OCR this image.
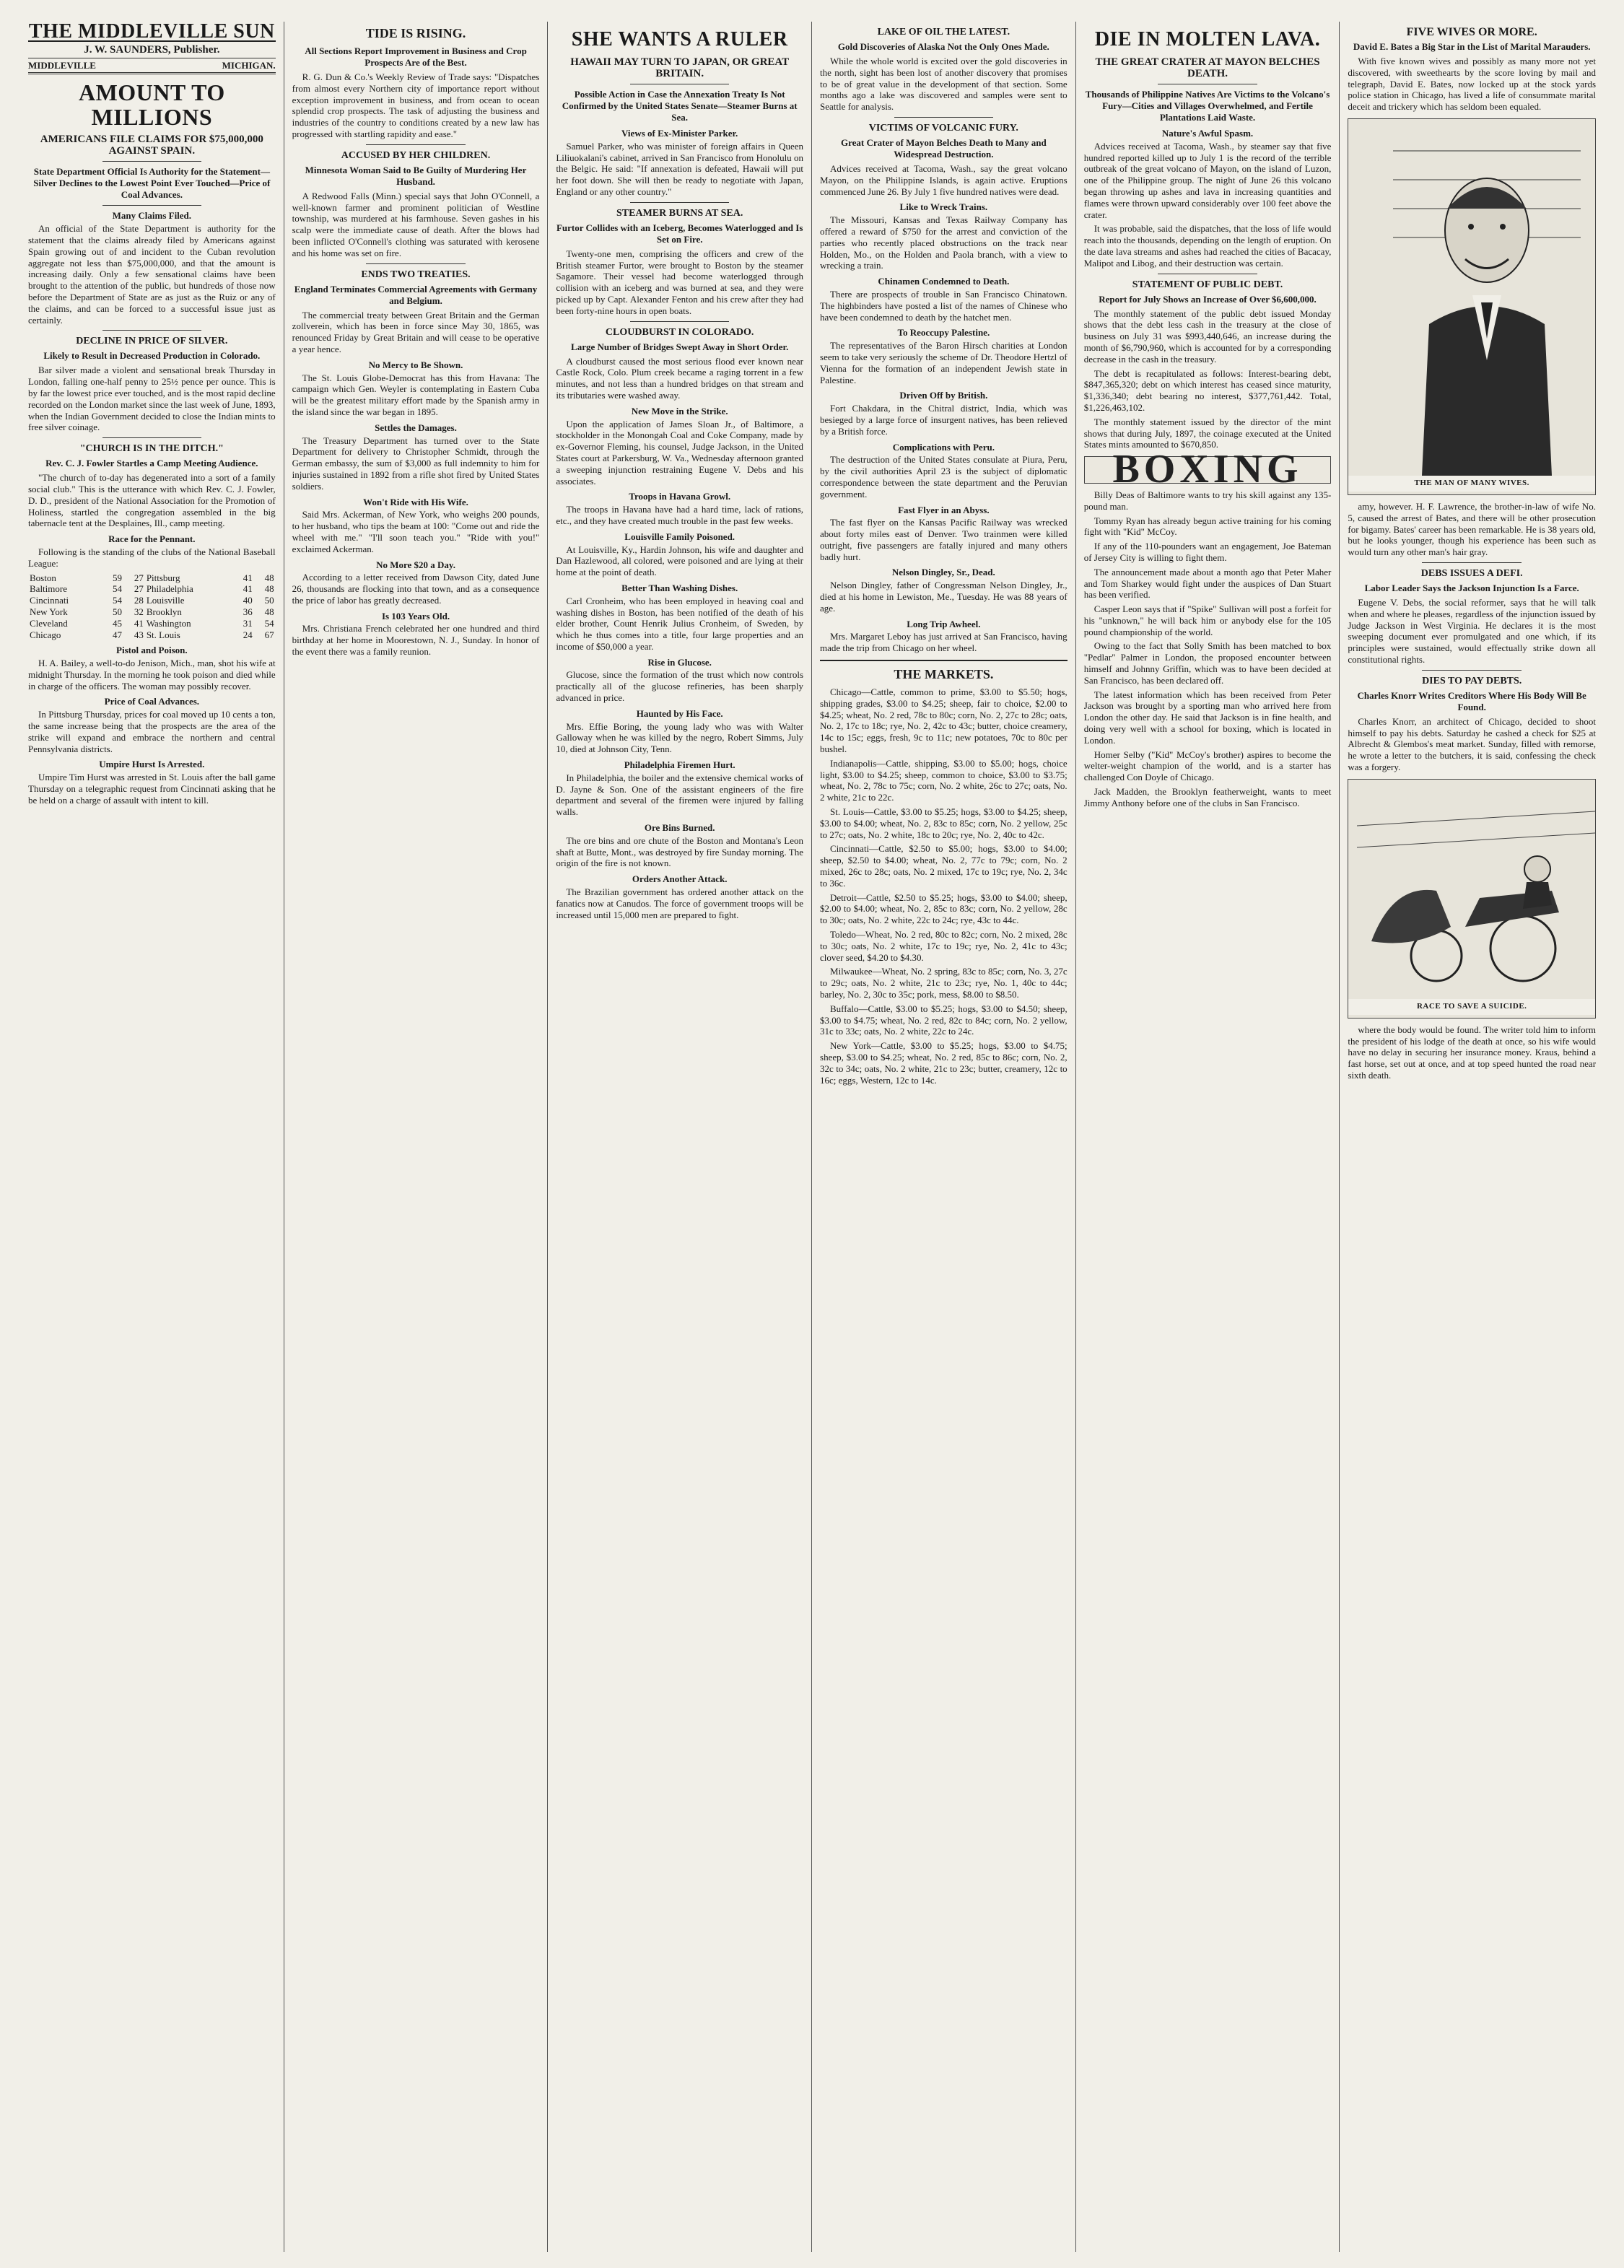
THE MIDDLEVILLE SUN
J. W. SAUNDERS, Publisher.
MIDDLEVILLE	MICHIGAN.
AMOUNT TO MILLIONS
AMERICANS FILE CLAIMS FOR $75,000,000 AGAINST SPAIN.
State Department Official Is Authority for the Statement—Silver Declines to the Lowest Point Ever Touched—Price of Coal Advances.
Many Claims Filed.

An official of the State Department is authority for the statement that the claims already filed by Americans against Spain growing out of and incident to the Cuban revolution aggregate not less than $75,000,000, and that the amount is increasing daily. Only a few sensational claims have been brought to the attention of the public, but hundreds of those now before the Department of State are as just as the Ruiz or any of the claims, and can be forced to a successful issue just as certainly.

DECLINE IN PRICE OF SILVER.
Likely to Result in Decreased Production in Colorado.

Bar silver made a violent and sensational break Thursday in London, falling one-half penny to 25½ pence per ounce. This is by far the lowest price ever touched, and is the most rapid decline recorded on the London market since the last week of June, 1893, when the Indian Government decided to close the Indian mints to free silver coinage.

"CHURCH IS IN THE DITCH."
Rev. C. J. Fowler Startles a Camp Meeting Audience.

"The church of to-day has degenerated into a sort of a family social club." This is the utterance with which Rev. C. J. Fowler, D. D., president of the National Association for the Promotion of Holiness, startled the congregation assembled in the big tabernacle tent at the Desplaines, Ill., camp meeting.

Race for the Pennant.

Following is the standing of the clubs of the National Baseball League:

Boston	59	27	Pittsburg	41	48
Baltimore	54	27	Philadelphia	41	48
Cincinnati	54	28	Louisville	40	50
New York	50	32	Brooklyn	36	48
Cleveland	45	41	Washington	31	54
Chicago	47	43	St. Louis	24	67
Pistol and Poison.

H. A. Bailey, a well-to-do Jenison, Mich., man, shot his wife at midnight Thursday. In the morning he took poison and died while in charge of the officers. The woman may possibly recover.

Price of Coal Advances.

In Pittsburg Thursday, prices for coal moved up 10 cents a ton, the same increase being that the prospects are the area of the strike will expand and embrace the northern and central Pennsylvania districts.

Umpire Hurst Is Arrested.

Umpire Tim Hurst was arrested in St. Louis after the ball game Thursday on a telegraphic request from Cincinnati asking that he be held on a charge of assault with intent to kill.

TIDE IS RISING.
All Sections Report Improvement in Business and Crop Prospects Are of the Best.

R. G. Dun & Co.'s Weekly Review of Trade says: "Dispatches from almost every Northern city of importance report without exception improvement in business, and from ocean to ocean splendid crop prospects. The task of adjusting the business and industries of the country to conditions created by a new law has progressed with startling rapidity and ease."

ACCUSED BY HER CHILDREN.
Minnesota Woman Said to Be Guilty of Murdering Her Husband.

A Redwood Falls (Minn.) special says that John O'Connell, a well-known farmer and prominent politician of Westline township, was murdered at his farmhouse. Seven gashes in his scalp were the immediate cause of death. After the blows had been inflicted O'Connell's clothing was saturated with kerosene and his home was set on fire.

ENDS TWO TREATIES.
England Terminates Commercial Agreements with Germany and Belgium.

The commercial treaty between Great Britain and the German zollverein, which has been in force since May 30, 1865, was renounced Friday by Great Britain and will cease to be operative a year hence.

No Mercy to Be Shown.

The St. Louis Globe-Democrat has this from Havana: The campaign which Gen. Weyler is contemplating in Eastern Cuba will be the greatest military effort made by the Spanish army in the island since the war began in 1895.

Settles the Damages.

The Treasury Department has turned over to the State Department for delivery to Christopher Schmidt, through the German embassy, the sum of $3,000 as full indemnity to him for injuries sustained in 1892 from a rifle shot fired by United States soldiers.

Won't Ride with His Wife.

Said Mrs. Ackerman, of New York, who weighs 200 pounds, to her husband, who tips the beam at 100: "Come out and ride the wheel with me." "I'll soon teach you." "Ride with you!" exclaimed Ackerman.

No More $20 a Day.

According to a letter received from Dawson City, dated June 26, thousands are flocking into that town, and as a consequence the price of labor has greatly decreased.

Is 103 Years Old.

Mrs. Christiana French celebrated her one hundred and third birthday at her home in Moorestown, N. J., Sunday. In honor of the event there was a family reunion.

SHE WANTS A RULER
HAWAII MAY TURN TO JAPAN, OR GREAT BRITAIN.
Possible Action in Case the Annexation Treaty Is Not Confirmed by the United States Senate—Steamer Burns at Sea.
Views of Ex-Minister Parker.

Samuel Parker, who was minister of foreign affairs in Queen Liliuokalani's cabinet, arrived in San Francisco from Honolulu on the Belgic. He said: "If annexation is defeated, Hawaii will put her foot down. She will then be ready to negotiate with Japan, England or any other country."

STEAMER BURNS AT SEA.
Furtor Collides with an Iceberg, Becomes Waterlogged and Is Set on Fire.

Twenty-one men, comprising the officers and crew of the British steamer Furtor, were brought to Boston by the steamer Sagamore. Their vessel had become waterlogged through collision with an iceberg and was burned at sea, and they were picked up by Capt. Alexander Fenton and his crew after they had been forty-nine hours in open boats.

CLOUDBURST IN COLORADO.
Large Number of Bridges Swept Away in Short Order.

A cloudburst caused the most serious flood ever known near Castle Rock, Colo. Plum creek became a raging torrent in a few minutes, and not less than a hundred bridges on that stream and its tributaries were washed away.

New Move in the Strike.

Upon the application of James Sloan Jr., of Baltimore, a stockholder in the Monongah Coal and Coke Company, made by ex-Governor Fleming, his counsel, Judge Jackson, in the United States court at Parkersburg, W. Va., Wednesday afternoon granted a sweeping injunction restraining Eugene V. Debs and his associates.

Troops in Havana Growl.

The troops in Havana have had a hard time, lack of rations, etc., and they have created much trouble in the past few weeks.

Louisville Family Poisoned.

At Louisville, Ky., Hardin Johnson, his wife and daughter and Dan Hazlewood, all colored, were poisoned and are lying at their home at the point of death.

Better Than Washing Dishes.

Carl Cronheim, who has been employed in heaving coal and washing dishes in Boston, has been notified of the death of his elder brother, Count Henrik Julius Cronheim, of Sweden, by which he thus comes into a title, four large properties and an income of $50,000 a year.

Rise in Glucose.

Glucose, since the formation of the trust which now controls practically all of the glucose refineries, has been sharply advanced in price.

Haunted by His Face.

Mrs. Effie Boring, the young lady who was with Walter Galloway when he was killed by the negro, Robert Simms, July 10, died at Johnson City, Tenn.

Philadelphia Firemen Hurt.

In Philadelphia, the boiler and the extensive chemical works of D. Jayne & Son. One of the assistant engineers of the fire department and several of the firemen were injured by falling walls.

Ore Bins Burned.

The ore bins and ore chute of the Boston and Montana's Leon shaft at Butte, Mont., was destroyed by fire Sunday morning. The origin of the fire is not known.

Orders Another Attack.

The Brazilian government has ordered another attack on the fanatics now at Canudos. The force of government troops will be increased until 15,000 men are prepared to fight.

LAKE OF OIL THE LATEST.
Gold Discoveries of Alaska Not the Only Ones Made.

While the whole world is excited over the gold discoveries in the north, sight has been lost of another discovery that promises to be of great value in the development of that section. Some months ago a lake was discovered and samples were sent to Seattle for analysis.

VICTIMS OF VOLCANIC FURY.
Great Crater of Mayon Belches Death to Many and Widespread Destruction.

Advices received at Tacoma, Wash., say the great volcano Mayon, on the Philippine Islands, is again active. Eruptions commenced June 26. By July 1 five hundred natives were dead.

Like to Wreck Trains.

The Missouri, Kansas and Texas Railway Company has offered a reward of $750 for the arrest and conviction of the parties who recently placed obstructions on the track near Holden, Mo., on the Holden and Paola branch, with a view to wrecking a train.

Chinamen Condemned to Death.

There are prospects of trouble in San Francisco Chinatown. The highbinders have posted a list of the names of Chinese who have been condemned to death by the hatchet men.

To Reoccupy Palestine.

The representatives of the Baron Hirsch charities at London seem to take very seriously the scheme of Dr. Theodore Hertzl of Vienna for the formation of an independent Jewish state in Palestine.

Driven Off by British.

Fort Chakdara, in the Chitral district, India, which was besieged by a large force of insurgent natives, has been relieved by a British force.

Complications with Peru.

The destruction of the United States consulate at Piura, Peru, by the civil authorities April 23 is the subject of diplomatic correspondence between the state department and the Peruvian government.

Fast Flyer in an Abyss.

The fast flyer on the Kansas Pacific Railway was wrecked about forty miles east of Denver. Two trainmen were killed outright, five passengers are fatally injured and many others badly hurt.

Nelson Dingley, Sr., Dead.

Nelson Dingley, father of Congressman Nelson Dingley, Jr., died at his home in Lewiston, Me., Tuesday. He was 88 years of age.

Long Trip Awheel.

Mrs. Margaret Leboy has just arrived at San Francisco, having made the trip from Chicago on her wheel.

THE MARKETS.

Chicago—Cattle, common to prime, $3.00 to $5.50; hogs, shipping grades, $3.00 to $4.25; sheep, fair to choice, $2.00 to $4.25; wheat, No. 2 red, 78c to 80c; corn, No. 2, 27c to 28c; oats, No. 2, 17c to 18c; rye, No. 2, 42c to 43c; butter, choice creamery, 14c to 15c; eggs, fresh, 9c to 11c; new potatoes, 70c to 80c per bushel.

Indianapolis—Cattle, shipping, $3.00 to $5.00; hogs, choice light, $3.00 to $4.25; sheep, common to choice, $3.00 to $3.75; wheat, No. 2, 78c to 75c; corn, No. 2 white, 26c to 27c; oats, No. 2 white, 21c to 22c.

St. Louis—Cattle, $3.00 to $5.25; hogs, $3.00 to $4.25; sheep, $3.00 to $4.00; wheat, No. 2, 83c to 85c; corn, No. 2 yellow, 25c to 27c; oats, No. 2 white, 18c to 20c; rye, No. 2, 40c to 42c.

Cincinnati—Cattle, $2.50 to $5.00; hogs, $3.00 to $4.00; sheep, $2.50 to $4.00; wheat, No. 2, 77c to 79c; corn, No. 2 mixed, 26c to 28c; oats, No. 2 mixed, 17c to 19c; rye, No. 2, 34c to 36c.

Detroit—Cattle, $2.50 to $5.25; hogs, $3.00 to $4.00; sheep, $2.00 to $4.00; wheat, No. 2, 85c to 83c; corn, No. 2 yellow, 28c to 30c; oats, No. 2 white, 22c to 24c; rye, 43c to 44c.

Toledo—Wheat, No. 2 red, 80c to 82c; corn, No. 2 mixed, 28c to 30c; oats, No. 2 white, 17c to 19c; rye, No. 2, 41c to 43c; clover seed, $4.20 to $4.30.

Milwaukee—Wheat, No. 2 spring, 83c to 85c; corn, No. 3, 27c to 29c; oats, No. 2 white, 21c to 23c; rye, No. 1, 40c to 44c; barley, No. 2, 30c to 35c; pork, mess, $8.00 to $8.50.

Buffalo—Cattle, $3.00 to $5.25; hogs, $3.00 to $4.50; sheep, $3.00 to $4.75; wheat, No. 2 red, 82c to 84c; corn, No. 2 yellow, 31c to 33c; oats, No. 2 white, 22c to 24c.

New York—Cattle, $3.00 to $5.25; hogs, $3.00 to $4.75; sheep, $3.00 to $4.25; wheat, No. 2 red, 85c to 86c; corn, No. 2, 32c to 34c; oats, No. 2 white, 21c to 23c; butter, creamery, 12c to 16c; eggs, Western, 12c to 14c.

DIE IN MOLTEN LAVA.
THE GREAT CRATER AT MAYON BELCHES DEATH.
Thousands of Philippine Natives Are Victims to the Volcano's Fury—Cities and Villages Overwhelmed, and Fertile Plantations Laid Waste.
Nature's Awful Spasm.

Advices received at Tacoma, Wash., by steamer say that five hundred reported killed up to July 1 is the record of the terrible outbreak of the great volcano of Mayon, on the island of Luzon, one of the Philippine group. The night of June 26 this volcano began throwing up ashes and lava in increasing quantities and flames were thrown upward considerably over 100 feet above the crater.

It was probable, said the dispatches, that the loss of life would reach into the thousands, depending on the length of eruption. On the date lava streams and ashes had reached the cities of Bacacay, Malipot and Libog, and their destruction was certain.

STATEMENT OF PUBLIC DEBT.
Report for July Shows an Increase of Over $6,600,000.

The monthly statement of the public debt issued Monday shows that the debt less cash in the treasury at the close of business on July 31 was $993,440,646, an increase during the month of $6,790,960, which is accounted for by a corresponding decrease in the cash in the treasury.

The debt is recapitulated as follows: Interest-bearing debt, $847,365,320; debt on which interest has ceased since maturity, $1,336,340; debt bearing no interest, $377,761,442. Total, $1,226,463,102.

The monthly statement issued by the director of the mint shows that during July, 1897, the coinage executed at the United States mints amounted to $670,850.

BOXING

Billy Deas of Baltimore wants to try his skill against any 135-pound man.

Tommy Ryan has already begun active training for his coming fight with "Kid" McCoy.

If any of the 110-pounders want an engagement, Joe Bateman of Jersey City is willing to fight them.

The announcement made about a month ago that Peter Maher and Tom Sharkey would fight under the auspices of Dan Stuart has been verified.

Casper Leon says that if "Spike" Sullivan will post a forfeit for his "unknown," he will back him or anybody else for the 105 pound championship of the world.

Owing to the fact that Solly Smith has been matched to box "Pedlar" Palmer in London, the proposed encounter between himself and Johnny Griffin, which was to have been decided at San Francisco, has been declared off.

The latest information which has been received from Peter Jackson was brought by a sporting man who arrived here from London the other day. He said that Jackson is in fine health, and doing very well with a school for boxing, which is located in London.

Homer Selby ("Kid" McCoy's brother) aspires to become the welter-weight champion of the world, and is a starter has challenged Con Doyle of Chicago.

Jack Madden, the Brooklyn featherweight, wants to meet Jimmy Anthony before one of the clubs in San Francisco.

FIVE WIVES OR MORE.
David E. Bates a Big Star in the List of Marital Marauders.

With five known wives and possibly as many more not yet discovered, with sweethearts by the score loving by mail and telegraph, David E. Bates, now locked up at the stock yards police station in Chicago, has lived a life of consummate marital deceit and trickery which has seldom been equaled.

THE MAN OF MANY WIVES.

amy, however. H. F. Lawrence, the brother-in-law of wife No. 5, caused the arrest of Bates, and there will be other prosecution for bigamy. Bates' career has been remarkable. He is 38 years old, but he looks younger, though his experience has been such as would turn any other man's hair gray.

DEBS ISSUES A DEFI.
Labor Leader Says the Jackson Injunction Is a Farce.

Eugene V. Debs, the social reformer, says that he will talk when and where he pleases, regardless of the injunction issued by Judge Jackson in West Virginia. He declares it is the most sweeping document ever promulgated and one which, if its principles were sustained, would effectually strike down all constitutional rights.

DIES TO PAY DEBTS.
Charles Knorr Writes Creditors Where His Body Will Be Found.

Charles Knorr, an architect of Chicago, decided to shoot himself to pay his debts. Saturday he cashed a check for $25 at Albrecht & Glembos's meat market. Sunday, filled with remorse, he wrote a letter to the butchers, it is said, confessing the check was a forgery.

RACE TO SAVE A SUICIDE.

where the body would be found. The writer told him to inform the president of his lodge of the death at once, so his wife would have no delay in securing her insurance money. Kraus, behind a fast horse, set out at once, and at top speed hunted the road near sixth death.
